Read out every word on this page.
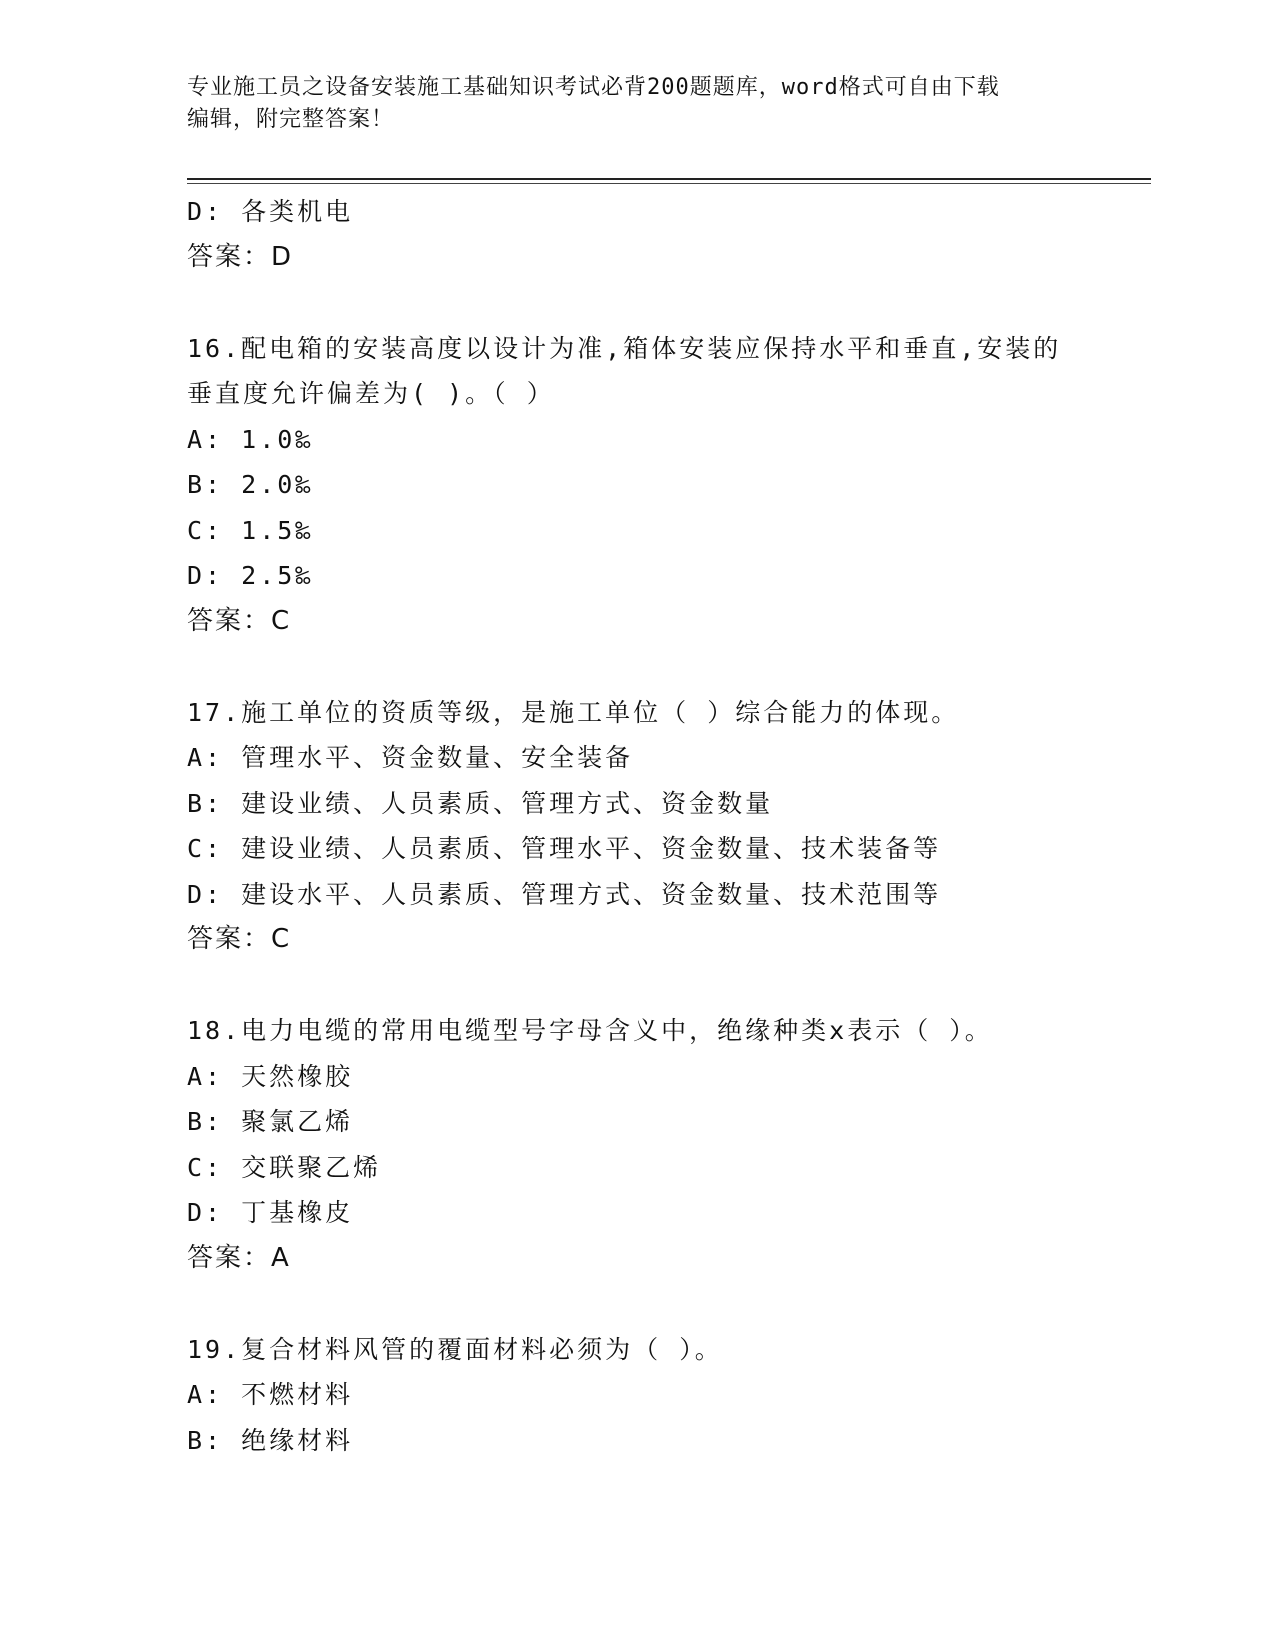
专业施工员之设备安装施工基础知识考试必背200题题库，word格式可自由下载
编辑，附完整答案！
D: 各类机电
答案：D
16.配电箱的安装高度以设计为准,箱体安装应保持水平和垂直,安装的
垂直度允许偏差为( )。（ ）
A: 1.0‰
B: 2.0‰
C: 1.5‰
D: 2.5‰
答案：C
17.施工单位的资质等级，是施工单位（ ）综合能力的体现。
A: 管理水平、资金数量、安全装备
B: 建设业绩、人员素质、管理方式、资金数量
C: 建设业绩、人员素质、管理水平、资金数量、技术装备等
D: 建设水平、人员素质、管理方式、资金数量、技术范围等
答案：C
18.电力电缆的常用电缆型号字母含义中，绝缘种类x表示（ ）。
A: 天然橡胶
B: 聚氯乙烯
C: 交联聚乙烯
D: 丁基橡皮
答案：A
19.复合材料风管的覆面材料必须为（ ）。
A: 不燃材料
B: 绝缘材料
